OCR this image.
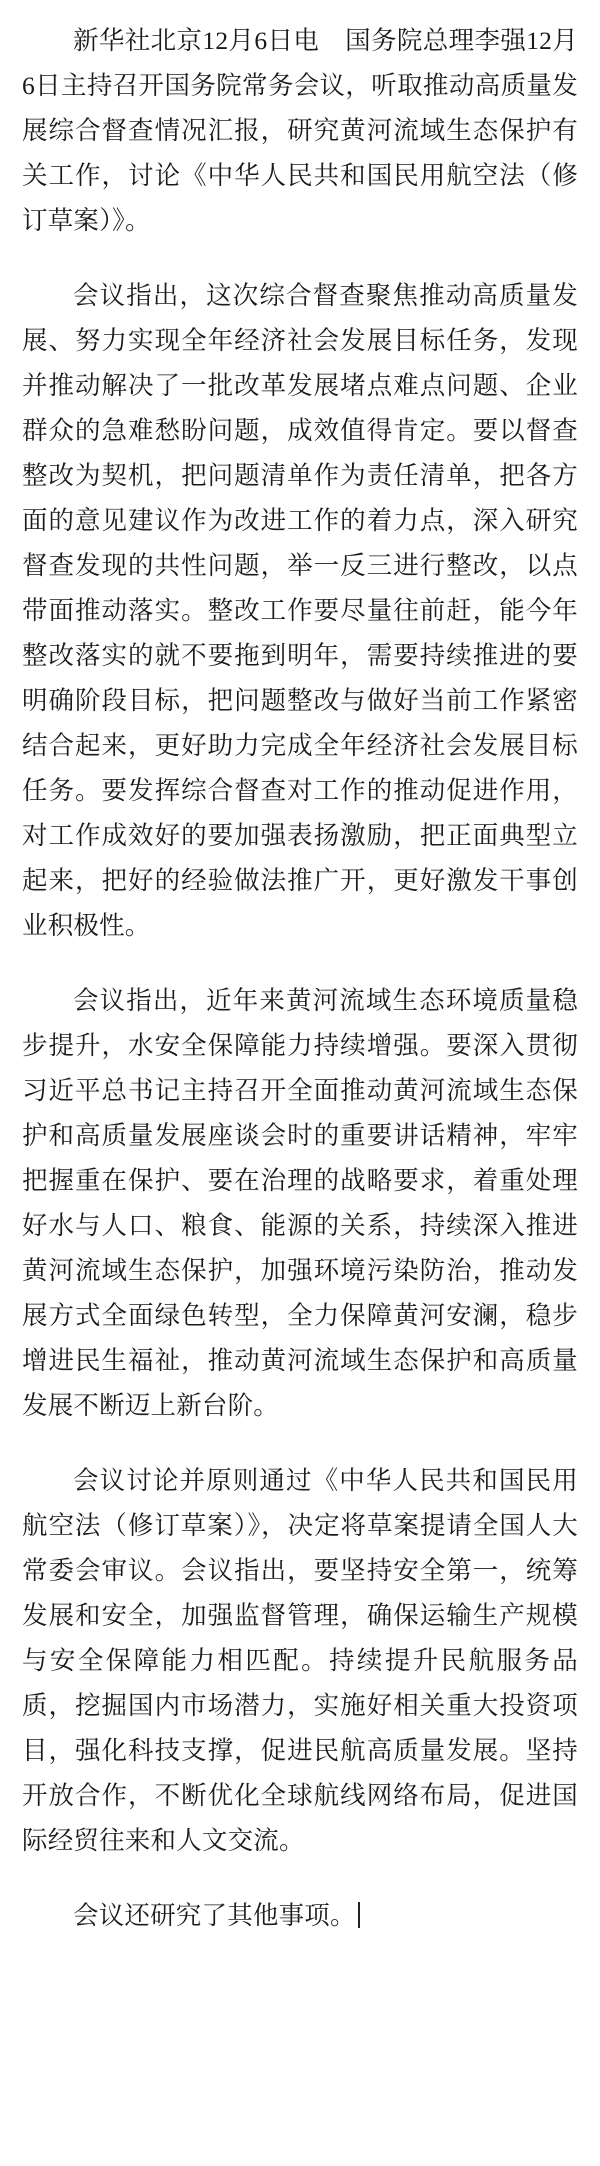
新华社北京12月6日电　国务院总理李强12月6日主持召开国务院常务会议，听取推动高质量发展综合督查情况汇报，研究黄河流域生态保护有关工作，讨论《中华人民共和国民用航空法（修订草案）》。

会议指出，这次综合督查聚焦推动高质量发展、努力实现全年经济社会发展目标任务，发现并推动解决了一批改革发展堵点难点问题、企业群众的急难愁盼问题，成效值得肯定。要以督查整改为契机，把问题清单作为责任清单，把各方面的意见建议作为改进工作的着力点，深入研究督查发现的共性问题，举一反三进行整改，以点带面推动落实。整改工作要尽量往前赶，能今年整改落实的就不要拖到明年，需要持续推进的要明确阶段目标，把问题整改与做好当前工作紧密结合起来，更好助力完成全年经济社会发展目标任务。要发挥综合督查对工作的推动促进作用，对工作成效好的要加强表扬激励，把正面典型立起来，把好的经验做法推广开，更好激发干事创业积极性。

会议指出，近年来黄河流域生态环境质量稳步提升，水安全保障能力持续增强。要深入贯彻习近平总书记主持召开全面推动黄河流域生态保护和高质量发展座谈会时的重要讲话精神，牢牢把握重在保护、要在治理的战略要求，着重处理好水与人口、粮食、能源的关系，持续深入推进黄河流域生态保护，加强环境污染防治，推动发展方式全面绿色转型，全力保障黄河安澜，稳步增进民生福祉，推动黄河流域生态保护和高质量发展不断迈上新台阶。

会议讨论并原则通过《中华人民共和国民用航空法（修订草案）》，决定将草案提请全国人大常委会审议。会议指出，要坚持安全第一，统筹发展和安全，加强监督管理，确保运输生产规模与安全保障能力相匹配。持续提升民航服务品质，挖掘国内市场潜力，实施好相关重大投资项目，强化科技支撑，促进民航高质量发展。坚持开放合作，不断优化全球航线网络布局，促进国际经贸往来和人文交流。

会议还研究了其他事项。
